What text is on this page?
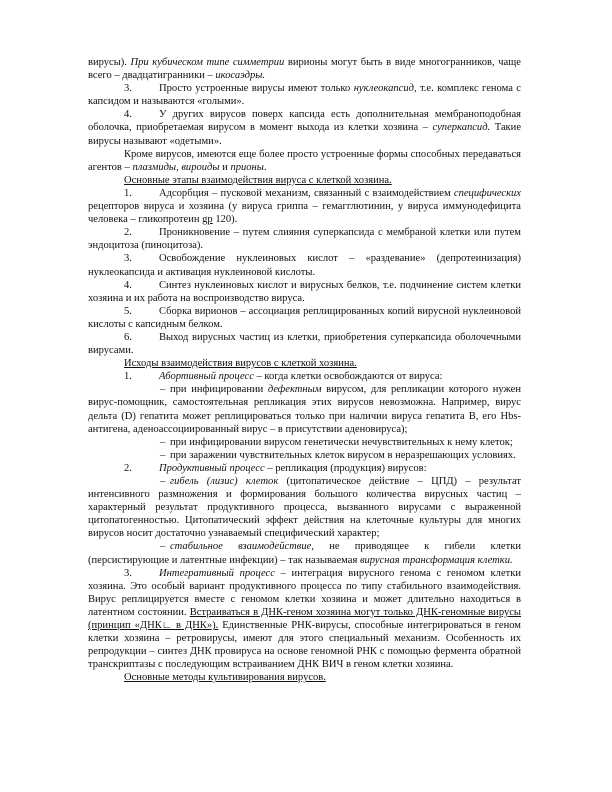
вирусы). При кубическом типе симметрии вирионы могут быть в виде многогранников, чаще всего – двадцатигранники – икосаэдры.

3.	Просто устроенные вирусы имеют только нуклеокапсид, т.е. комплекс генома с капсидом и называются «голыми».

4.	У других вирусов поверх капсида есть дополнительная мембраноподобная оболочка, приобретаемая вирусом в момент выхода из клетки хозяина – суперкапсид. Такие вирусы называют «одетыми».

Кроме вирусов, имеются еще более просто устроенные формы способных передаваться агентов – плазмиды, вироиды и прионы.

Основные этапы взаимодействия вируса с клеткой хозяина.

1.	Адсорбция – пусковой механизм, связанный с взаимодействием специфических рецепторов вируса и хозяина (у вируса гриппа – гемагглютинин, у вируса иммунодефицита человека – гликопротеин gp 120).

2.	Проникновение – путем слияния суперкапсида с мембраной клетки или путем эндоцитоза (пиноцитоза).

3.	Освобождение нуклеиновых кислот – «раздевание» (депротеинизация) нуклеокапсида и активация нуклеиновой кислоты.

4.	Синтез нуклеиновых кислот и вирусных белков, т.е. подчинение систем клетки хозяина и их работа на воспроизводство вируса.

5.	Сборка вирионов – ассоциация реплицированных копий вирусной нуклеиновой кислоты с капсидным белком.

6.	Выход вирусных частиц из клетки, приобретения суперкапсида оболочечными вирусами.

Исходы взаимодействия вирусов с клеткой хозяина.

1.	Абортивный процесс – когда клетки освобождаются от вируса:

– при инфицировании дефектным вирусом, для репликации которого нужен вирус-помощник, самостоятельная репликация этих вирусов невозможна. Например, вирус дельта (D) гепатита может реплицироваться только при наличии вируса гепатита В, его Hbs-антигена, аденоассоциированный вирус – в присутствии аденовируса);

– при инфицировании вирусом генетически нечувствительных к нему клеток;

– при заражении чувствительных клеток вирусом в неразрешающих условиях.

2.	Продуктивный процесс – репликация (продукция) вирусов:

– гибель (лизис) клеток (цитопатическое действие – ЦПД) – результат интенсивного размножения и формирования большого количества вирусных частиц – характерный результат продуктивного процесса, вызванного вирусами с выраженной цитопатогенностью. Цитопатический эффект действия на клеточные культуры для многих вирусов носит достаточно узнаваемый специфический характер;

– стабильное взаимодействие, не приводящее к гибели клетки (персистирующие и латентные инфекции) – так называемая вирусная трансформация клетки.

3.	Интегративный процесс – интеграция вирусного генома с геномом клетки хозяина. Это особый вариант продуктивного процесса по типу стабильного взаимодействия. Вирус реплицируется вместе с геномом клетки хозяина и может длительно находиться в латентном состоянии. Встраиваться в ДНК-геном хозяина могут только ДНК-геномные вирусы (принцип «ДНК∟ в ДНК»). Единственные РНК-вирусы, способные интегрироваться в геном клетки хозяина – ретровирусы, имеют для этого специальный механизм. Особенность их репродукции – синтез ДНК провируса на основе геномной РНК с помощью фермента обратной транскриптазы с последующим встраиванием ДНК ВИЧ в геном клетки хозяина.

Основные методы культивирования вирусов.
